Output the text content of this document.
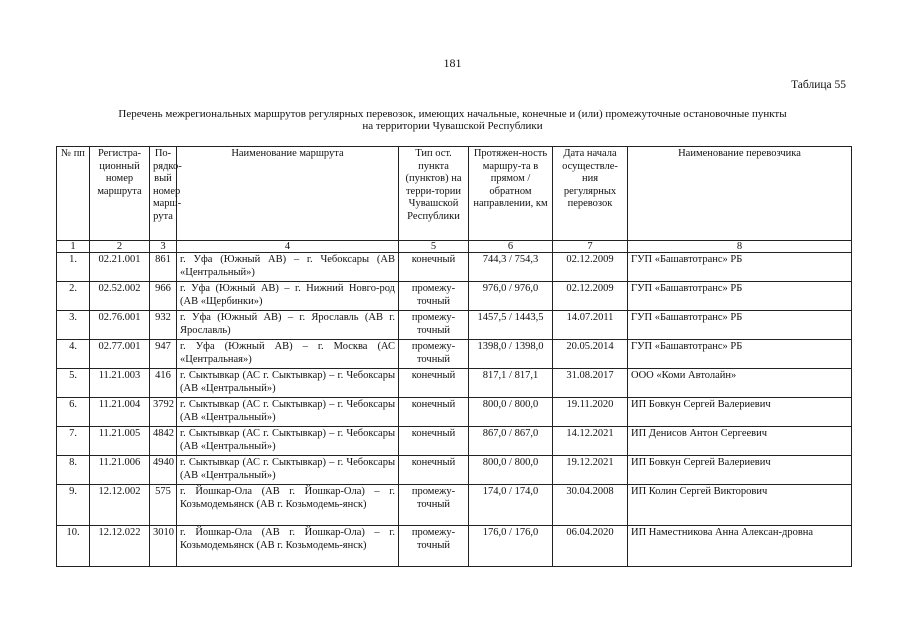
181
Таблица 55
Перечень межрегиональных маршрутов регулярных перевозок, имеющих начальные, конечные и (или) промежуточные остановочные пункты
на территории Чувашской Республики
№ пп	Регистра-ционный номер маршрута	По-рядко-вый номер марш-рута	Наименование маршрута	Тип ост. пункта (пунктов) на терри-тории Чувашской Республики	Протяжен-ность маршру-та в прямом / обратном направлении, км	Дата начала осуществле-ния регулярных перевозок	Наименование перевозчика
1	2	3	4	5	6	7	8
1.	02.21.001	861	г. Уфа (Южный АВ) – г. Чебоксары (АВ «Центральный»)	конечный	744,3 / 754,3	02.12.2009	ГУП «Башавтотранс» РБ
2.	02.52.002	966	г. Уфа (Южный АВ) – г. Нижний Новго-род (АВ «Щербинки»)	промежу-точный	976,0 / 976,0	02.12.2009	ГУП «Башавтотранс» РБ
3.	02.76.001	932	г. Уфа (Южный АВ) – г. Ярославль (АВ г. Ярославль)	промежу-точный	1457,5 / 1443,5	14.07.2011	ГУП «Башавтотранс» РБ
4.	02.77.001	947	г. Уфа (Южный АВ) – г. Москва (АС «Центральная»)	промежу-точный	1398,0 / 1398,0	20.05.2014	ГУП «Башавтотранс» РБ
5.	11.21.003	416	г. Сыктывкар (АС г. Сыктывкар) – г. Чебоксары (АВ «Центральный»)	конечный	817,1 / 817,1	31.08.2017	ООО «Коми Автолайн»
6.	11.21.004	3792	г. Сыктывкар (АС г. Сыктывкар) – г. Чебоксары (АВ «Центральный»)	конечный	800,0 / 800,0	19.11.2020	ИП Бовкун Сергей Валериевич
7.	11.21.005	4842	г. Сыктывкар (АС г. Сыктывкар) – г. Чебоксары (АВ «Центральный»)	конечный	867,0 / 867,0	14.12.2021	ИП Денисов Антон Сергеевич
8.	11.21.006	4940	г. Сыктывкар (АС г. Сыктывкар) – г. Чебоксары (АВ «Центральный»)	конечный	800,0 / 800,0	19.12.2021	ИП Бовкун Сергей Валериевич
9.	12.12.002	575	г. Йошкар-Ола (АВ г. Йошкар-Ола) – г. Козьмодемьянск (АВ г. Козьмодемь-янск)	промежу-точный	174,0 / 174,0	30.04.2008	ИП Колин Сергей Викторович
10.	12.12.022	3010	г. Йошкар-Ола (АВ г. Йошкар-Ола) – г. Козьмодемьянск (АВ г. Козьмодемь-янск)	промежу-точный	176,0 / 176,0	06.04.2020	ИП Наместникова Анна Алексан-дровна
